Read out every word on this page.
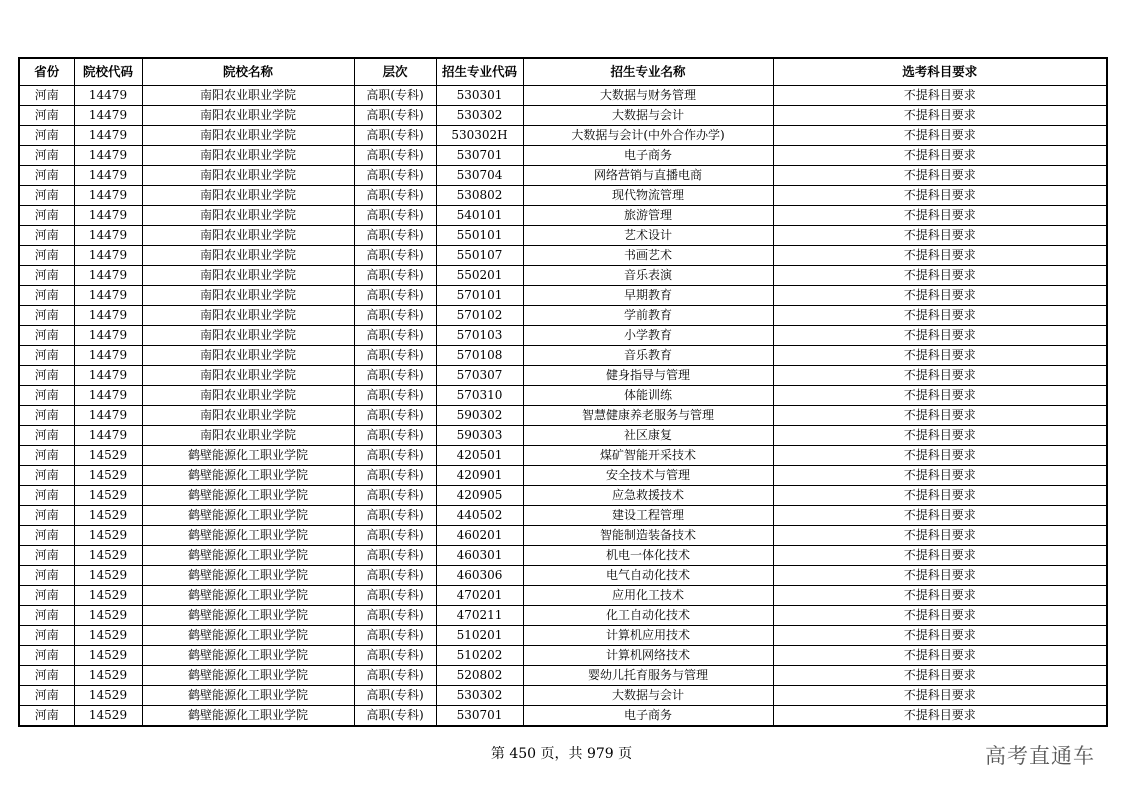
省份	院校代码	院校名称	层次	招生专业代码	招生专业名称	选考科目要求
河南	14479	南阳农业职业学院	高职(专科)	530301	大数据与财务管理	不提科目要求
河南	14479	南阳农业职业学院	高职(专科)	530302	大数据与会计	不提科目要求
河南	14479	南阳农业职业学院	高职(专科)	530302H	大数据与会计(中外合作办学)	不提科目要求
河南	14479	南阳农业职业学院	高职(专科)	530701	电子商务	不提科目要求
河南	14479	南阳农业职业学院	高职(专科)	530704	网络营销与直播电商	不提科目要求
河南	14479	南阳农业职业学院	高职(专科)	530802	现代物流管理	不提科目要求
河南	14479	南阳农业职业学院	高职(专科)	540101	旅游管理	不提科目要求
河南	14479	南阳农业职业学院	高职(专科)	550101	艺术设计	不提科目要求
河南	14479	南阳农业职业学院	高职(专科)	550107	书画艺术	不提科目要求
河南	14479	南阳农业职业学院	高职(专科)	550201	音乐表演	不提科目要求
河南	14479	南阳农业职业学院	高职(专科)	570101	早期教育	不提科目要求
河南	14479	南阳农业职业学院	高职(专科)	570102	学前教育	不提科目要求
河南	14479	南阳农业职业学院	高职(专科)	570103	小学教育	不提科目要求
河南	14479	南阳农业职业学院	高职(专科)	570108	音乐教育	不提科目要求
河南	14479	南阳农业职业学院	高职(专科)	570307	健身指导与管理	不提科目要求
河南	14479	南阳农业职业学院	高职(专科)	570310	体能训练	不提科目要求
河南	14479	南阳农业职业学院	高职(专科)	590302	智慧健康养老服务与管理	不提科目要求
河南	14479	南阳农业职业学院	高职(专科)	590303	社区康复	不提科目要求
河南	14529	鹤壁能源化工职业学院	高职(专科)	420501	煤矿智能开采技术	不提科目要求
河南	14529	鹤壁能源化工职业学院	高职(专科)	420901	安全技术与管理	不提科目要求
河南	14529	鹤壁能源化工职业学院	高职(专科)	420905	应急救援技术	不提科目要求
河南	14529	鹤壁能源化工职业学院	高职(专科)	440502	建设工程管理	不提科目要求
河南	14529	鹤壁能源化工职业学院	高职(专科)	460201	智能制造装备技术	不提科目要求
河南	14529	鹤壁能源化工职业学院	高职(专科)	460301	机电一体化技术	不提科目要求
河南	14529	鹤壁能源化工职业学院	高职(专科)	460306	电气自动化技术	不提科目要求
河南	14529	鹤壁能源化工职业学院	高职(专科)	470201	应用化工技术	不提科目要求
河南	14529	鹤壁能源化工职业学院	高职(专科)	470211	化工自动化技术	不提科目要求
河南	14529	鹤壁能源化工职业学院	高职(专科)	510201	计算机应用技术	不提科目要求
河南	14529	鹤壁能源化工职业学院	高职(专科)	510202	计算机网络技术	不提科目要求
河南	14529	鹤壁能源化工职业学院	高职(专科)	520802	婴幼儿托育服务与管理	不提科目要求
河南	14529	鹤壁能源化工职业学院	高职(专科)	530302	大数据与会计	不提科目要求
河南	14529	鹤壁能源化工职业学院	高职(专科)	530701	电子商务	不提科目要求
第 450 页，共 979 页	高考直通车
